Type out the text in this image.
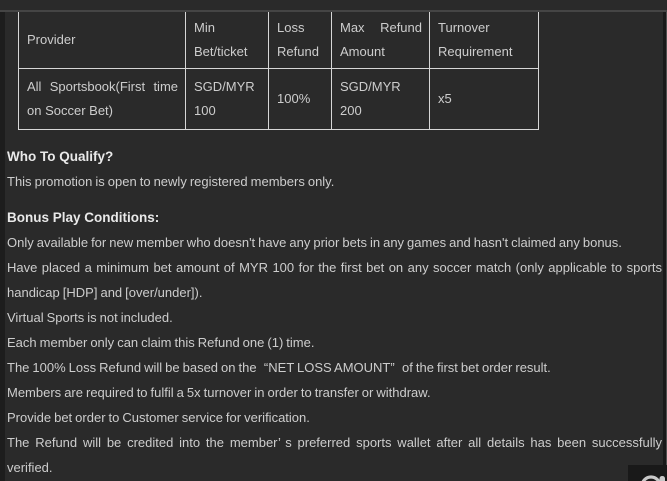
Provider	Min Bet/ticket	Loss Refund	Max Refund Amount	Turnover Requirement
All Sportsbook(First time on Soccer Bet)	SGD/MYR 100	100%	SGD/MYR 200	x5
Who To Qualify?

This promotion is open to newly registered members only.

Bonus Play Conditions:

Only available for new member who doesn't have any prior bets in any games and hasn't claimed any bonus.

Have placed a minimum bet amount of MYR 100 for the first bet on any soccer match (only applicable to sports handicap [HDP] and [over/under]).

Virtual Sports is not included.

Each member only can claim this Refund one (1) time.

The 100% Loss Refund will be based on the  “NET LOSS AMOUNT”  of the first bet order result.

Members are required to fulfil a 5x turnover in order to transfer or withdraw.

Provide bet order to Customer service for verification.

The Refund will be credited into the member’ s preferred sports wallet after all details has been successfully verified.
